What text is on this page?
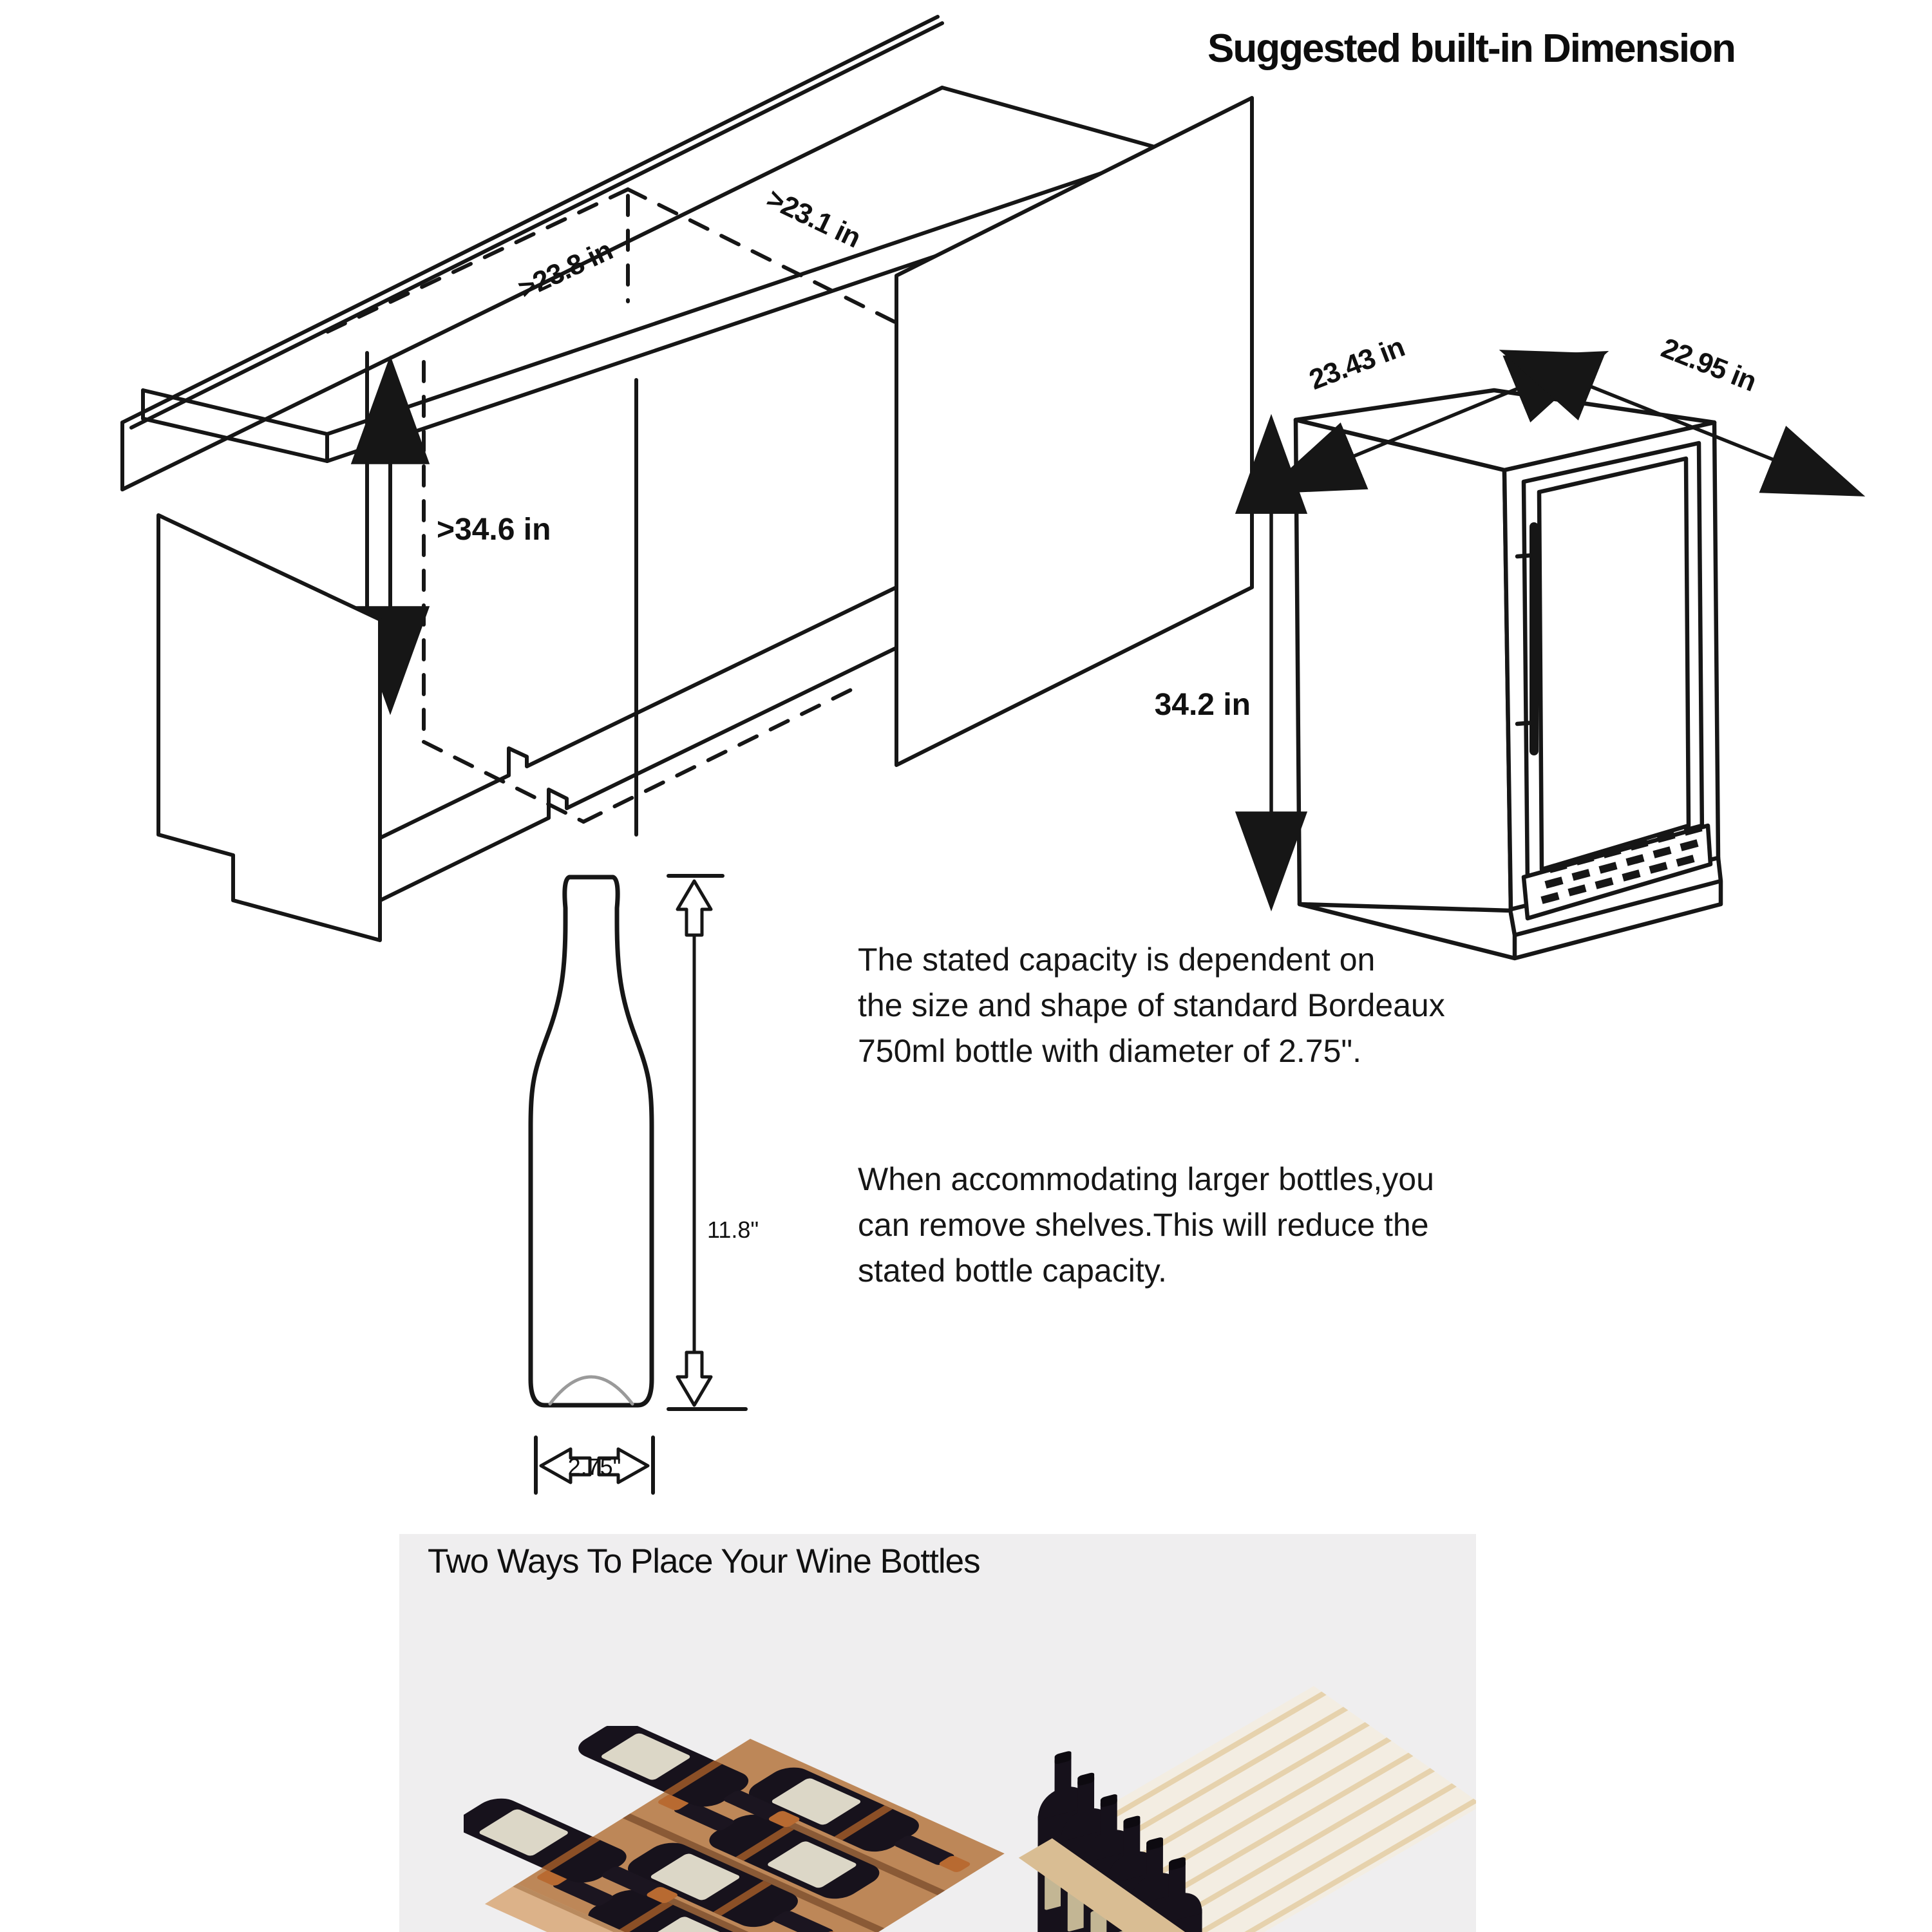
>23.8 in
>23.1 in
>34.6 in
23.43 in	22.95 in
34.2 in
11.8"
2.75"
Suggested built-in Dimension
The stated capacity is dependent on
the size and shape of standard Bordeaux
750ml bottle with diameter of 2.75".
When accommodating larger bottles,you
can remove shelves.This will reduce the
stated bottle capacity.
Two Ways To Place Your Wine Bottles
